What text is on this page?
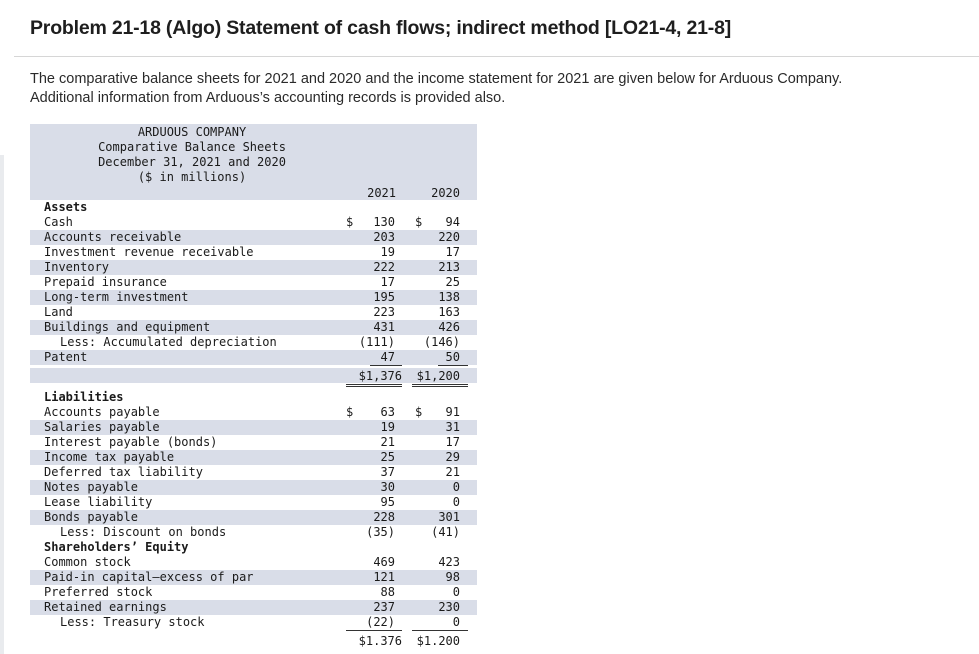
Problem 21-18 (Algo) Statement of cash flows; indirect method [LO21-4, 21-8]
The comparative balance sheets for 2021 and 2020 and the income statement for 2021 are given below for Arduous Company.
Additional information from Arduous’s accounting records is provided also.
ARDUOUS COMPANY
Comparative Balance Sheets
December 31, 2021 and 2020
($ in millions)
2021	2020
Assets
Cash	130	94
$	$
Accounts receivable	203	220
Investment revenue receivable	19	17
Inventory	222	213
Prepaid insurance	17	25
Long-term investment	195	138
Land	223	163
Buildings and equipment	431	426
Less: Accumulated depreciation	(111)	(146)
Patent	47	50
$1,376	$1,200
Liabilities
Accounts payable	63	91
$	$
Salaries payable	19	31
Interest payable (bonds)	21	17
Income tax payable	25	29
Deferred tax liability	37	21
Notes payable	30	0
Lease liability	95	0
Bonds payable	228	301
Less: Discount on bonds	(35)	(41)
Shareholders’ Equity
Common stock	469	423
Paid-in capital—excess of par	121	98
Preferred stock	88	0
Retained earnings	237	230
Less: Treasury stock	(22)	0
$1.376	$1.200
